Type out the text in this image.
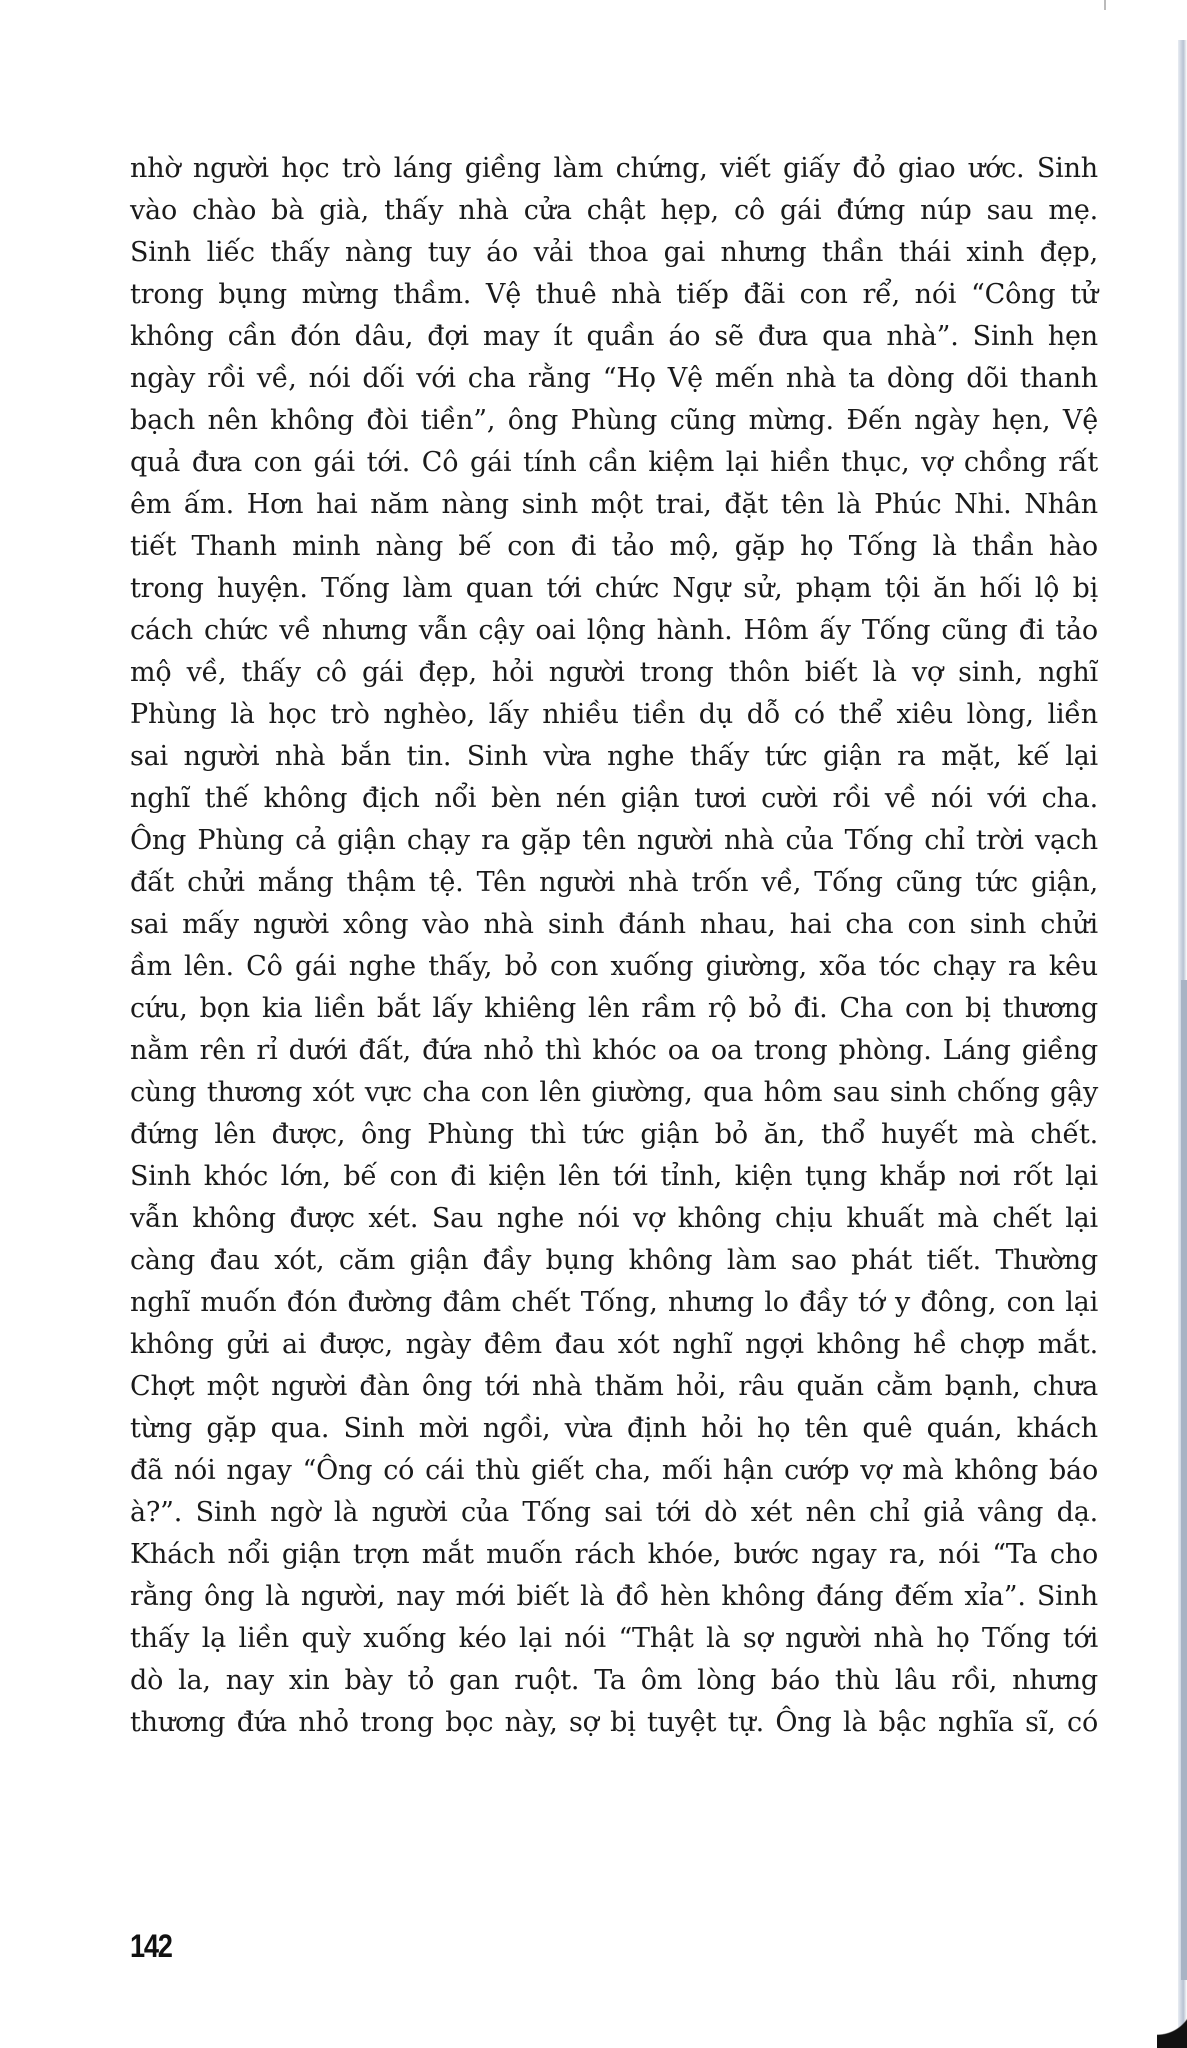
nhờ người học trò láng giềng làm chứng, viết giấy đỏ giao ước. Sinh
vào chào bà già, thấy nhà cửa chật hẹp, cô gái đứng núp sau mẹ.
Sinh liếc thấy nàng tuy áo vải thoa gai nhưng thần thái xinh đẹp,
trong bụng mừng thầm. Vệ thuê nhà tiếp đãi con rể, nói “Công tử
không cần đón dâu, đợi may ít quần áo sẽ đưa qua nhà”. Sinh hẹn
ngày rồi về, nói dối với cha rằng “Họ Vệ mến nhà ta dòng dõi thanh
bạch nên không đòi tiền”, ông Phùng cũng mừng. Đến ngày hẹn, Vệ
quả đưa con gái tới. Cô gái tính cần kiệm lại hiền thục, vợ chồng rất
êm ấm. Hơn hai năm nàng sinh một trai, đặt tên là Phúc Nhi. Nhân
tiết Thanh minh nàng bế con đi tảo mộ, gặp họ Tống là thần hào
trong huyện. Tống làm quan tới chức Ngự sử, phạm tội ăn hối lộ bị
cách chức về nhưng vẫn cậy oai lộng hành. Hôm ấy Tống cũng đi tảo
mộ về, thấy cô gái đẹp, hỏi người trong thôn biết là vợ sinh, nghĩ
Phùng là học trò nghèo, lấy nhiều tiền dụ dỗ có thể xiêu lòng, liền
sai người nhà bắn tin. Sinh vừa nghe thấy tức giận ra mặt, kế lại
nghĩ thế không địch nổi bèn nén giận tươi cười rồi về nói với cha.
Ông Phùng cả giận chạy ra gặp tên người nhà của Tống chỉ trời vạch
đất chửi mắng thậm tệ. Tên người nhà trốn về, Tống cũng tức giận,
sai mấy người xông vào nhà sinh đánh nhau, hai cha con sinh chửi
ầm lên. Cô gái nghe thấy, bỏ con xuống giường, xõa tóc chạy ra kêu
cứu, bọn kia liền bắt lấy khiêng lên rầm rộ bỏ đi. Cha con bị thương
nằm rên rỉ dưới đất, đứa nhỏ thì khóc oa oa trong phòng. Láng giềng
cùng thương xót vực cha con lên giường, qua hôm sau sinh chống gậy
đứng lên được, ông Phùng thì tức giận bỏ ăn, thổ huyết mà chết.
Sinh khóc lớn, bế con đi kiện lên tới tỉnh, kiện tụng khắp nơi rốt lại
vẫn không được xét. Sau nghe nói vợ không chịu khuất mà chết lại
càng đau xót, căm giận đầy bụng không làm sao phát tiết. Thường
nghĩ muốn đón đường đâm chết Tống, nhưng lo đầy tớ y đông, con lại
không gửi ai được, ngày đêm đau xót nghĩ ngợi không hề chợp mắt.
Chợt một người đàn ông tới nhà thăm hỏi, râu quăn cằm bạnh, chưa
từng gặp qua. Sinh mời ngồi, vừa định hỏi họ tên quê quán, khách
đã nói ngay “Ông có cái thù giết cha, mối hận cướp vợ mà không báo
à?”. Sinh ngờ là người của Tống sai tới dò xét nên chỉ giả vâng dạ.
Khách nổi giận trợn mắt muốn rách khóe, bước ngay ra, nói “Ta cho
rằng ông là người, nay mới biết là đồ hèn không đáng đếm xỉa”. Sinh
thấy lạ liền quỳ xuống kéo lại nói “Thật là sợ người nhà họ Tống tới
dò la, nay xin bày tỏ gan ruột. Ta ôm lòng báo thù lâu rồi, nhưng
thương đứa nhỏ trong bọc này, sợ bị tuyệt tự. Ông là bậc nghĩa sĩ, có
142
